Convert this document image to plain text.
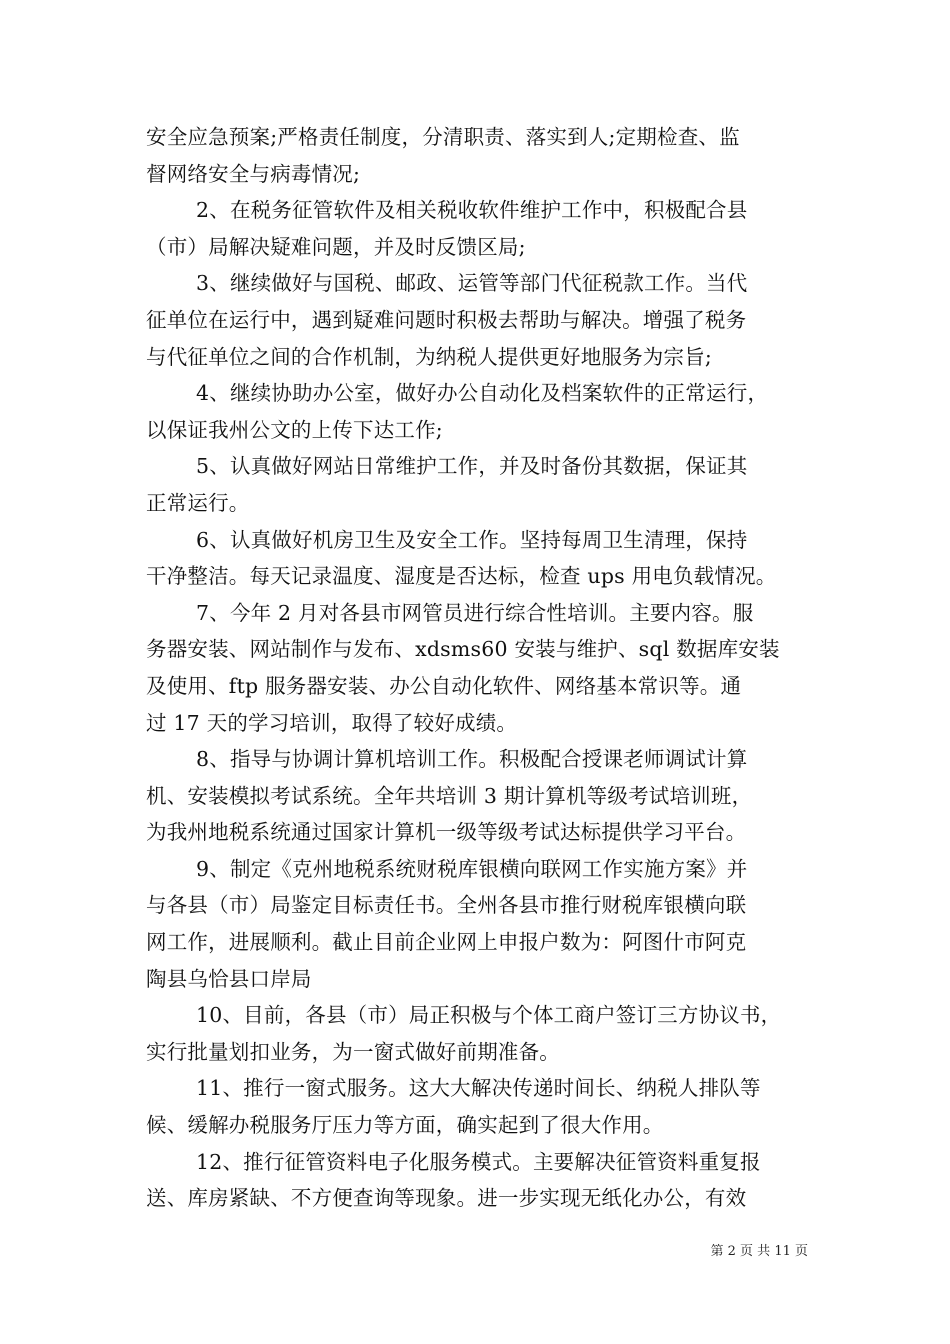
安全应急预案;严格责任制度，分清职责、落实到人;定期检查、监
督网络安全与病毒情况;
2、在税务征管软件及相关税收软件维护工作中，积极配合县
（市）局解决疑难问题，并及时反馈区局;
3、继续做好与国税、邮政、运管等部门代征税款工作。当代
征单位在运行中，遇到疑难问题时积极去帮助与解决。增强了税务
与代征单位之间的合作机制，为纳税人提供更好地服务为宗旨;
4、继续协助办公室，做好办公自动化及档案软件的正常运行，
以保证我州公文的上传下达工作;
5、认真做好网站日常维护工作，并及时备份其数据，保证其
正常运行。
6、认真做好机房卫生及安全工作。坚持每周卫生清理，保持
干净整洁。每天记录温度、湿度是否达标，检查 ups 用电负载情况。
7、今年 2 月对各县市网管员进行综合性培训。主要内容。服
务器安装、网站制作与发布、xdsms60 安装与维护、sql 数据库安装
及使用、ftp 服务器安装、办公自动化软件、网络基本常识等。通
过 17 天的学习培训，取得了较好成绩。
8、指导与协调计算机培训工作。积极配合授课老师调试计算
机、安装模拟考试系统。全年共培训 3 期计算机等级考试培训班，
为我州地税系统通过国家计算机一级等级考试达标提供学习平台。
9、制定《克州地税系统财税库银横向联网工作实施方案》并
与各县（市）局鉴定目标责任书。全州各县市推行财税库银横向联
网工作，进展顺利。截止目前企业网上申报户数为：阿图什市阿克
陶县乌恰县口岸局
10、目前，各县（市）局正积极与个体工商户签订三方协议书，
实行批量划扣业务，为一窗式做好前期准备。
11、推行一窗式服务。这大大解决传递时间长、纳税人排队等
候、缓解办税服务厅压力等方面，确实起到了很大作用。
12、推行征管资料电子化服务模式。主要解决征管资料重复报
送、库房紧缺、不方便查询等现象。进一步实现无纸化办公，有效
第 2 页 共 11 页
